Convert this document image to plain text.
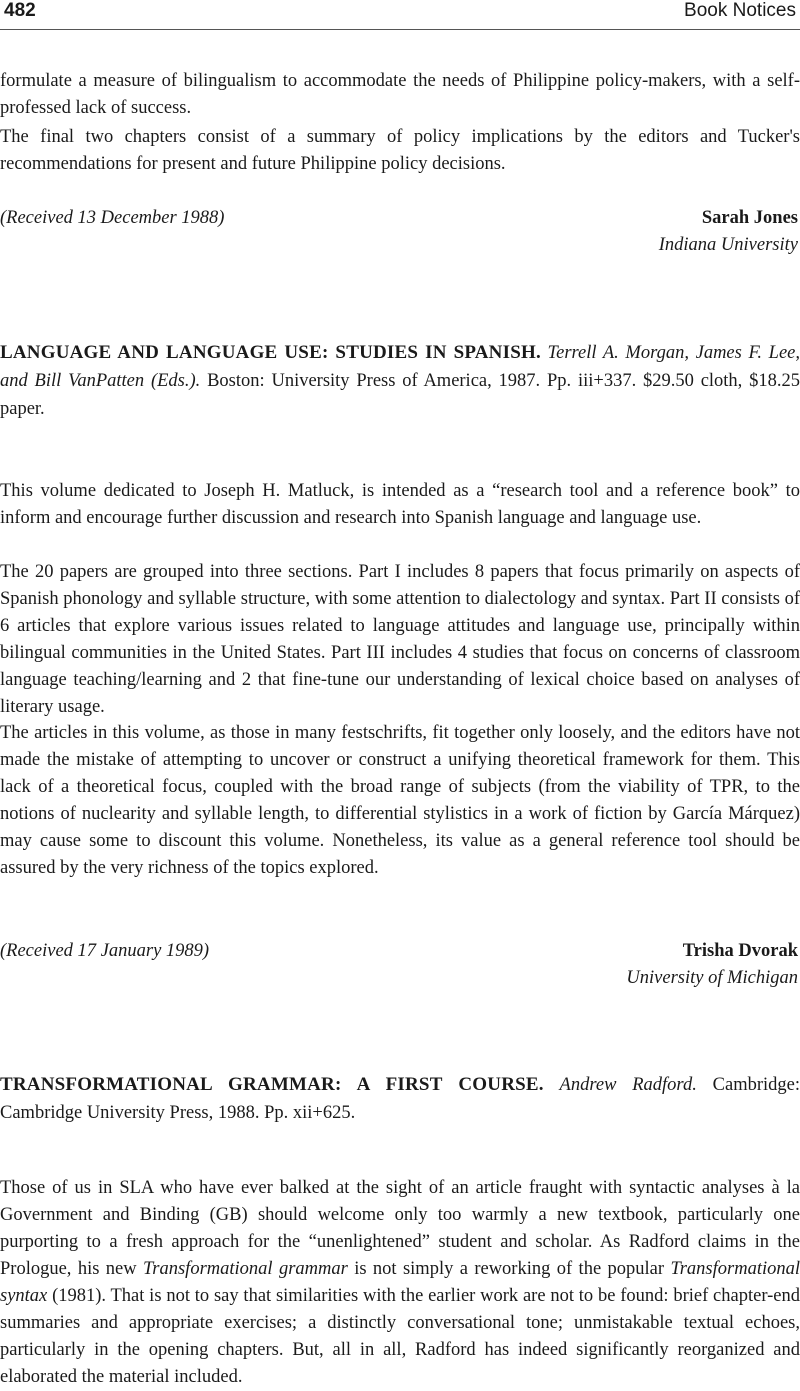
482	Book Notices

formulate a measure of bilingualism to accommodate the needs of Philippine policy-makers, with a self-professed lack of success.

The final two chapters consist of a summary of policy implications by the editors and Tucker's recommendations for present and future Philippine policy decisions.

(Received 13 December 1988)	Sarah Jones
Indiana University

LANGUAGE AND LANGUAGE USE: STUDIES IN SPANISH. Terrell A. Morgan, James F. Lee, and Bill VanPatten (Eds.). Boston: University Press of America, 1987. Pp. iii+337. $29.50 cloth, $18.25 paper.

This volume dedicated to Joseph H. Matluck, is intended as a “research tool and a reference book” to inform and encourage further discussion and research into Spanish language and language use.

The 20 papers are grouped into three sections. Part I includes 8 papers that focus primarily on aspects of Spanish phonology and syllable structure, with some attention to dialectology and syntax. Part II consists of 6 articles that explore various issues related to language attitudes and language use, principally within bilingual communities in the United States. Part III includes 4 studies that focus on concerns of classroom language teaching/learning and 2 that fine-tune our understanding of lexical choice based on analyses of literary usage.

The articles in this volume, as those in many festschrifts, fit together only loosely, and the editors have not made the mistake of attempting to uncover or construct a unifying theoretical framework for them. This lack of a theoretical focus, coupled with the broad range of subjects (from the viability of TPR, to the notions of nuclearity and syllable length, to differential stylistics in a work of fiction by García Márquez) may cause some to discount this volume. Nonetheless, its value as a general reference tool should be assured by the very richness of the topics explored.

(Received 17 January 1989)	Trisha Dvorak
University of Michigan

TRANSFORMATIONAL GRAMMAR: A FIRST COURSE. Andrew Radford. Cambridge: Cambridge University Press, 1988. Pp. xii+625.

Those of us in SLA who have ever balked at the sight of an article fraught with syntactic analyses à la Government and Binding (GB) should welcome only too warmly a new textbook, particularly one purporting to a fresh approach for the “unenlightened” student and scholar. As Radford claims in the Prologue, his new Transformational grammar is not simply a reworking of the popular Transformational syntax (1981). That is not to say that similarities with the earlier work are not to be found: brief chapter-end summaries and appropriate exercises; a distinctly conversational tone; unmistakable textual echoes, particularly in the opening chapters. But, all in all, Radford has indeed significantly reorganized and elaborated the material included.
